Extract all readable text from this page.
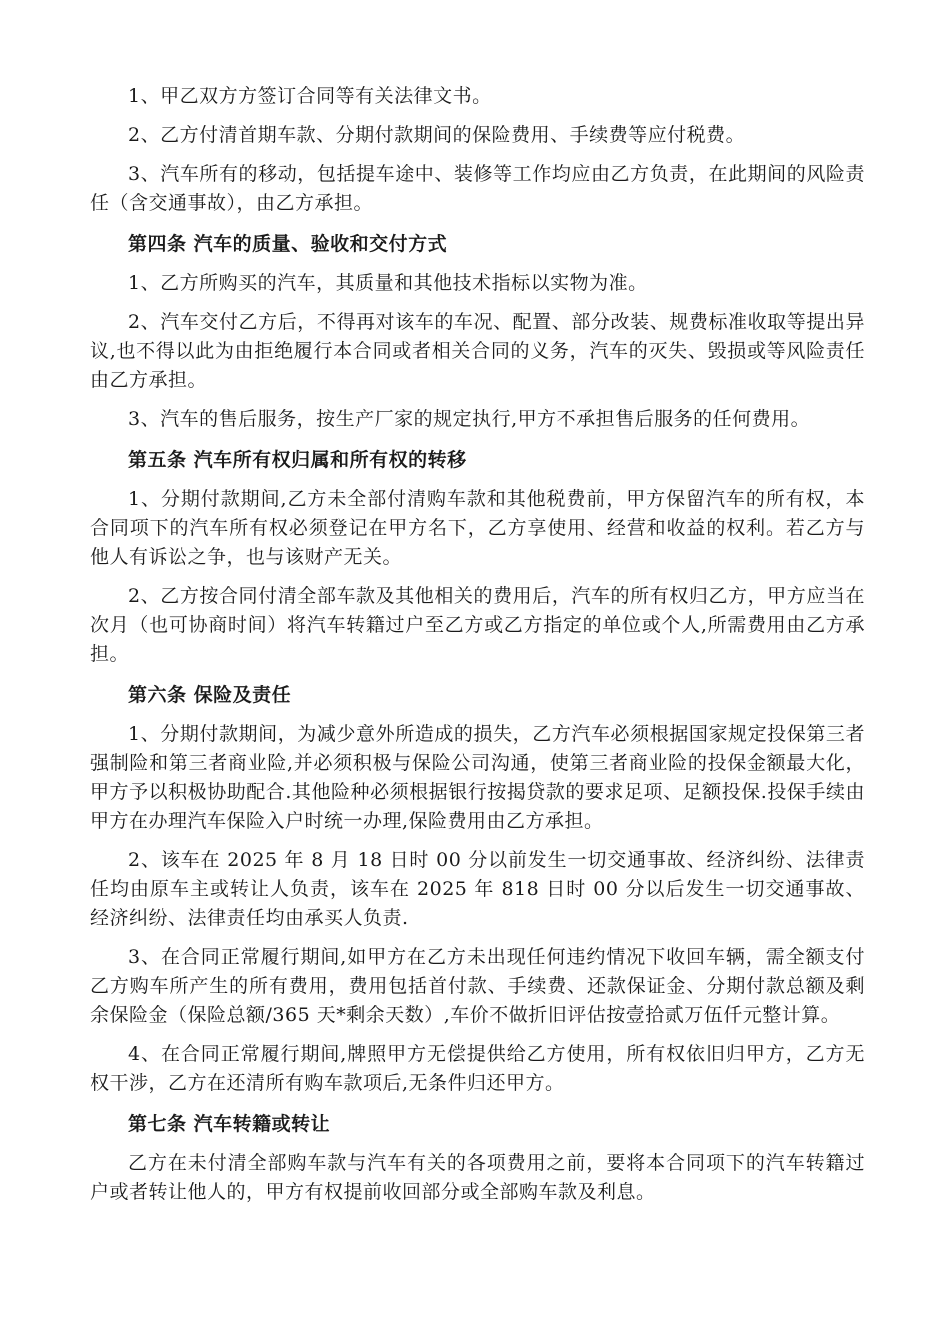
1、甲乙双方方签订合同等有关法律文书。

2、乙方付清首期车款、分期付款期间的保险费用、手续费等应付税费。

3、汽车所有的移动，包括提车途中、装修等工作均应由乙方负责，在此期间的风险责任（含交通事故），由乙方承担。

第四条 汽车的质量、验收和交付方式

1、乙方所购买的汽车，其质量和其他技术指标以实物为准。

2、汽车交付乙方后，不得再对该车的车况、配置、部分改装、规费标准收取等提出异议,也不得以此为由拒绝履行本合同或者相关合同的义务，汽车的灭失、毁损或等风险责任由乙方承担。

3、汽车的售后服务，按生产厂家的规定执行,甲方不承担售后服务的任何费用。

第五条 汽车所有权归属和所有权的转移

1、分期付款期间,乙方未全部付清购车款和其他税费前，甲方保留汽车的所有权，本合同项下的汽车所有权必须登记在甲方名下，乙方享使用、经营和收益的权利。若乙方与他人有诉讼之争，也与该财产无关。

2、乙方按合同付清全部车款及其他相关的费用后，汽车的所有权归乙方，甲方应当在次月（也可协商时间）将汽车转籍过户至乙方或乙方指定的单位或个人,所需费用由乙方承担。

第六条 保险及责任

1、分期付款期间，为减少意外所造成的损失，乙方汽车必须根据国家规定投保第三者强制险和第三者商业险,并必须积极与保险公司沟通，使第三者商业险的投保金额最大化，甲方予以积极协助配合.其他险种必须根据银行按揭贷款的要求足项、足额投保.投保手续由甲方在办理汽车保险入户时统一办理,保险费用由乙方承担。

2、该车在 2025 年 8 月 18 日时 00 分以前发生一切交通事故、经济纠纷、法律责任均由原车主或转让人负责，该车在 2025 年 818 日时 00 分以后发生一切交通事故、经济纠纷、法律责任均由承买人负责.

3、在合同正常履行期间,如甲方在乙方未出现任何违约情况下收回车辆，需全额支付乙方购车所产生的所有费用，费用包括首付款、手续费、还款保证金、分期付款总额及剩余保险金（保险总额/365 天*剩余天数）,车价不做折旧评估按壹拾贰万伍仟元整计算。

4、在合同正常履行期间,牌照甲方无偿提供给乙方使用，所有权依旧归甲方，乙方无权干涉，乙方在还清所有购车款项后,无条件归还甲方。

第七条 汽车转籍或转让

乙方在未付清全部购车款与汽车有关的各项费用之前，要将本合同项下的汽车转籍过户或者转让他人的，甲方有权提前收回部分或全部购车款及利息。
